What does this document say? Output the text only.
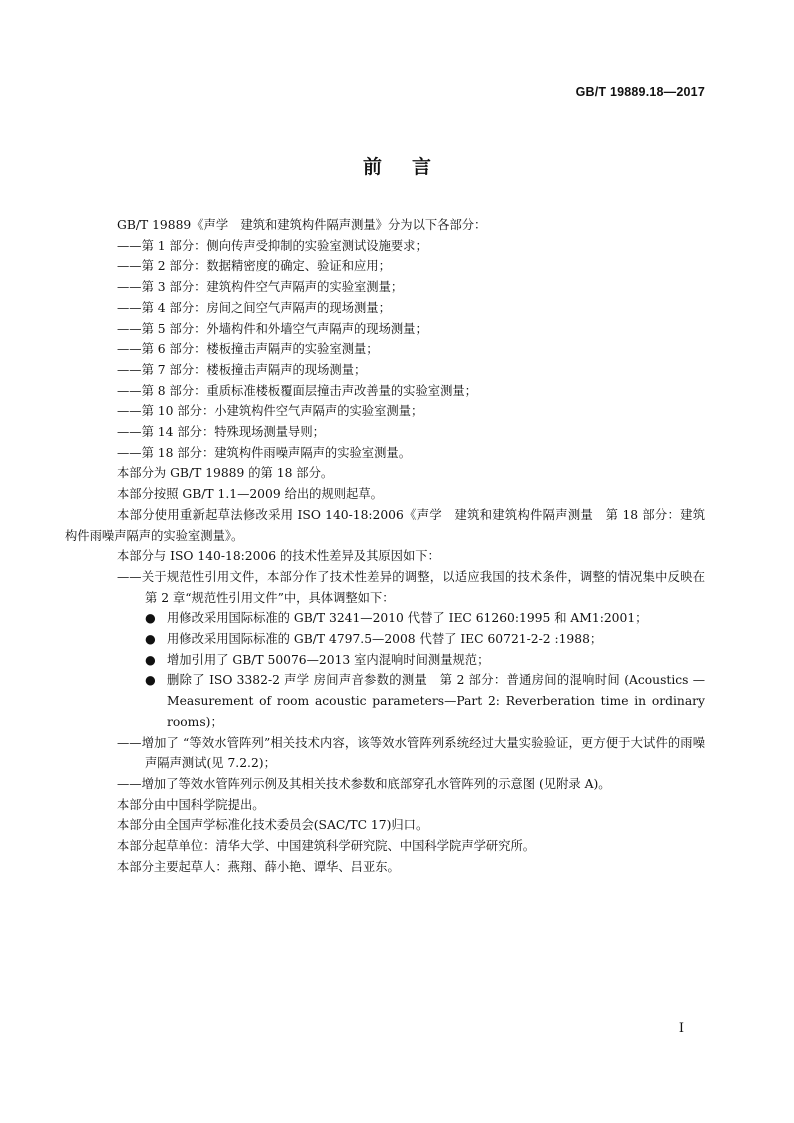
GB/T 19889.18—2017
前言
GB/T 19889《声学　建筑和建筑构件隔声测量》分为以下各部分：
——第 1 部分：侧向传声受抑制的实验室测试设施要求；
——第 2 部分：数据精密度的确定、验证和应用；
——第 3 部分：建筑构件空气声隔声的实验室测量；
——第 4 部分：房间之间空气声隔声的现场测量；
——第 5 部分：外墙构件和外墙空气声隔声的现场测量；
——第 6 部分：楼板撞击声隔声的实验室测量；
——第 7 部分：楼板撞击声隔声的现场测量；
——第 8 部分：重质标准楼板覆面层撞击声改善量的实验室测量；
——第 10 部分：小建筑构件空气声隔声的实验室测量；
——第 14 部分：特殊现场测量导则；
——第 18 部分：建筑构件雨噪声隔声的实验室测量。
本部分为 GB/T 19889 的第 18 部分。
本部分按照 GB/T 1.1—2009 给出的规则起草。
本部分使用重新起草法修改采用 ISO 140-18:2006《声学　建筑和建筑构件隔声测量　第 18 部分：建筑构件雨噪声隔声的实验室测量》。
本部分与 ISO 140-18:2006 的技术性差异及其原因如下：
——关于规范性引用文件，本部分作了技术性差异的调整，以适应我国的技术条件，调整的情况集中反映在第 2 章“规范性引用文件”中，具体调整如下：
● 用修改采用国际标准的 GB/T 3241—2010 代替了 IEC 61260:1995 和 AM1:2001；
● 用修改采用国际标准的 GB/T 4797.5—2008 代替了 IEC 60721-2-2 :1988；
● 增加引用了 GB/T 50076—2013 室内混响时间测量规范；
● 删除了 ISO 3382-2 声学 房间声音参数的测量　第 2 部分：普通房间的混响时间 (Acoustics —Measurement of room acoustic parameters—Part 2: Reverberation time in ordinary rooms)；
——增加了 “等效水管阵列”相关技术内容，该等效水管阵列系统经过大量实验验证，更方便于大试件的雨噪声隔声测试(见 7.2.2)；
——增加了等效水管阵列示例及其相关技术参数和底部穿孔水管阵列的示意图 (见附录 A)。
本部分由中国科学院提出。
本部分由全国声学标准化技术委员会(SAC/TC 17)归口。
本部分起草单位：清华大学、中国建筑科学研究院、中国科学院声学研究所。
本部分主要起草人：燕翔、薛小艳、谭华、吕亚东。
I
